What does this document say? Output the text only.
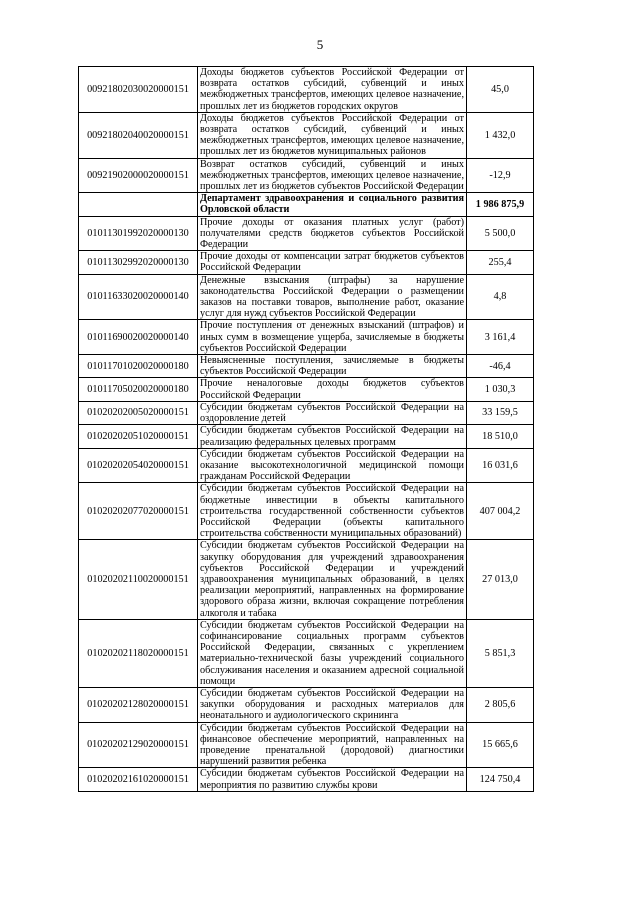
5
00921802030020000151	Доходы бюджетов субъектов Российской Федерации от возврата остатков субсидий, субвенций и иных межбюджетных трансфертов, имеющих целевое назначение, прошлых лет из бюджетов городских округов	45,0
00921802040020000151	Доходы бюджетов субъектов Российской Федерации от возврата остатков субсидий, субвенций и иных межбюджетных трансфертов, имеющих целевое назначение, прошлых лет из бюджетов муниципальных районов	1 432,0
00921902000020000151	Возврат остатков субсидий, субвенций и иных межбюджетных трансфертов, имеющих целевое назначение, прошлых лет из бюджетов субъектов Российской Федерации	-12,9
	Департамент здравоохранения и социального развития Орловской области	1 986 875,9
01011301992020000130	Прочие доходы от оказания платных услуг (работ) получателями средств бюджетов субъектов Российской Федерации	5 500,0
01011302992020000130	Прочие доходы от компенсации затрат бюджетов субъектов Российской Федерации	255,4
01011633020020000140	Денежные взыскания (штрафы) за нарушение законодательства Российской Федерации о размещении заказов на поставки товаров, выполнение работ, оказание услуг для нужд субъектов Российской Федерации	4,8
01011690020020000140	Прочие поступления от денежных взысканий (штрафов) и иных сумм в возмещение ущерба, зачисляемые в бюджеты субъектов Российской Федерации	3 161,4
01011701020020000180	Невыясненные поступления, зачисляемые в бюджеты субъектов Российской Федерации	-46,4
01011705020020000180	Прочие неналоговые доходы бюджетов субъектов Российской Федерации	1 030,3
01020202005020000151	Субсидии бюджетам субъектов Российской Федерации на оздоровление детей	33 159,5
01020202051020000151	Субсидии бюджетам субъектов Российской Федерации на реализацию федеральных целевых программ	18 510,0
01020202054020000151	Субсидии бюджетам субъектов Российской Федерации на оказание высокотехнологичной медицинской помощи гражданам Российской Федерации	16 031,6
01020202077020000151	Субсидии бюджетам субъектов Российской Федерации на бюджетные инвестиции в объекты капитального строительства государственной собственности субъектов Российской Федерации (объекты капитального строительства собственности муниципальных образований)	407 004,2
01020202110020000151	Субсидии бюджетам субъектов Российской Федерации на закупку оборудования для учреждений здравоохранения субъектов Российской Федерации и учреждений здравоохранения муниципальных образований, в целях реализации мероприятий, направленных на формирование здорового образа жизни, включая сокращение потребления алкоголя и табака	27 013,0
01020202118020000151	Субсидии бюджетам субъектов Российской Федерации на софинансирование социальных программ субъектов Российской Федерации, связанных с укреплением материально-технической базы учреждений социального обслуживания населения и оказанием адресной социальной помощи	5 851,3
01020202128020000151	Субсидии бюджетам субъектов Российской Федерации на закупки оборудования и расходных материалов для неонатального и аудиологического скрининга	2 805,6
01020202129020000151	Субсидии бюджетам субъектов Российской Федерации на финансовое обеспечение мероприятий, направленных на проведение пренатальной (дородовой) диагностики нарушений развития ребенка	15 665,6
01020202161020000151	Субсидии бюджетам субъектов Российской Федерации на мероприятия по развитию службы крови	124 750,4
